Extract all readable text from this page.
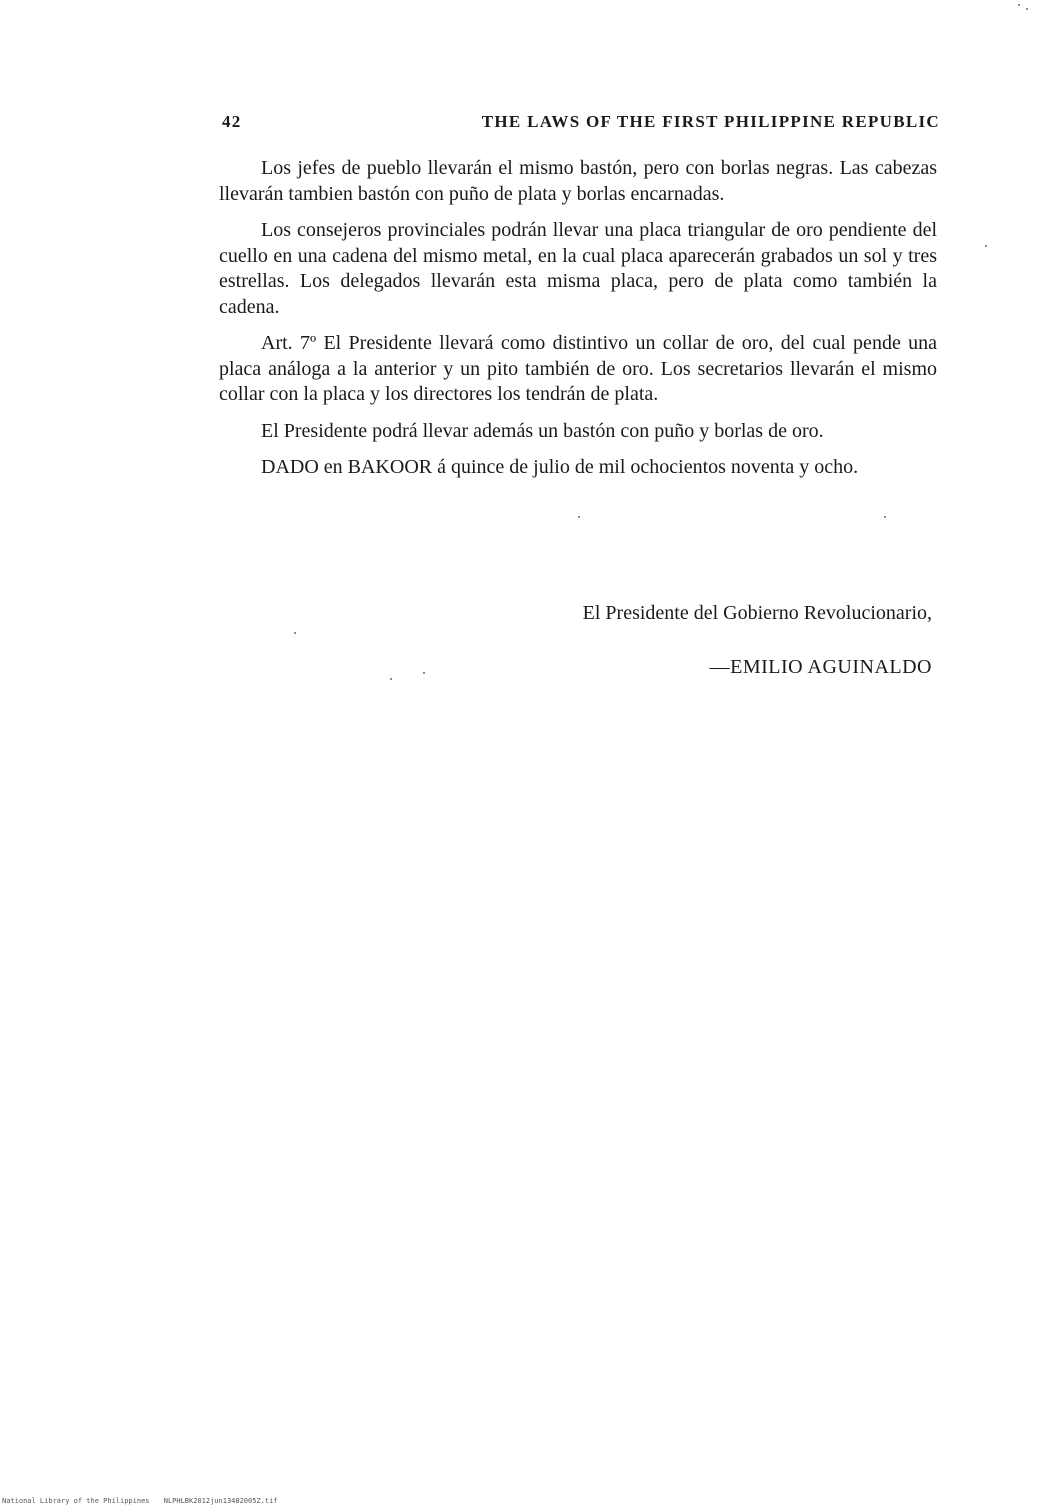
42	THE LAWS OF THE FIRST PHILIPPINE REPUBLIC

Los jefes de pueblo llevarán el mismo bastón, pero con borlas negras. Las cabezas llevarán tambien bastón con puño de plata y borlas encarnadas.

Los consejeros provinciales podrán llevar una placa triangular de oro pendiente del cuello en una cadena del mismo metal, en la cual placa aparecerán grabados un sol y tres estrellas. Los delegados llevarán esta misma placa, pero de plata como también la cadena.

Art. 7º El Presidente llevará como distintivo un collar de oro, del cual pende una placa análoga a la anterior y un pito también de oro. Los secretarios llevarán el mismo collar con la placa y los directores los tendrán de plata.

El Presidente podrá llevar además un bastón con puño y borlas de oro.

DADO en BAKOOR á quince de julio de mil ochocientos noventa y ocho.

El Presidente del Gobierno Revolucionario,
—EMILIO AGUINALDO
National Library of the Philippines NLPHLBK2012jun13482005Z.tif
